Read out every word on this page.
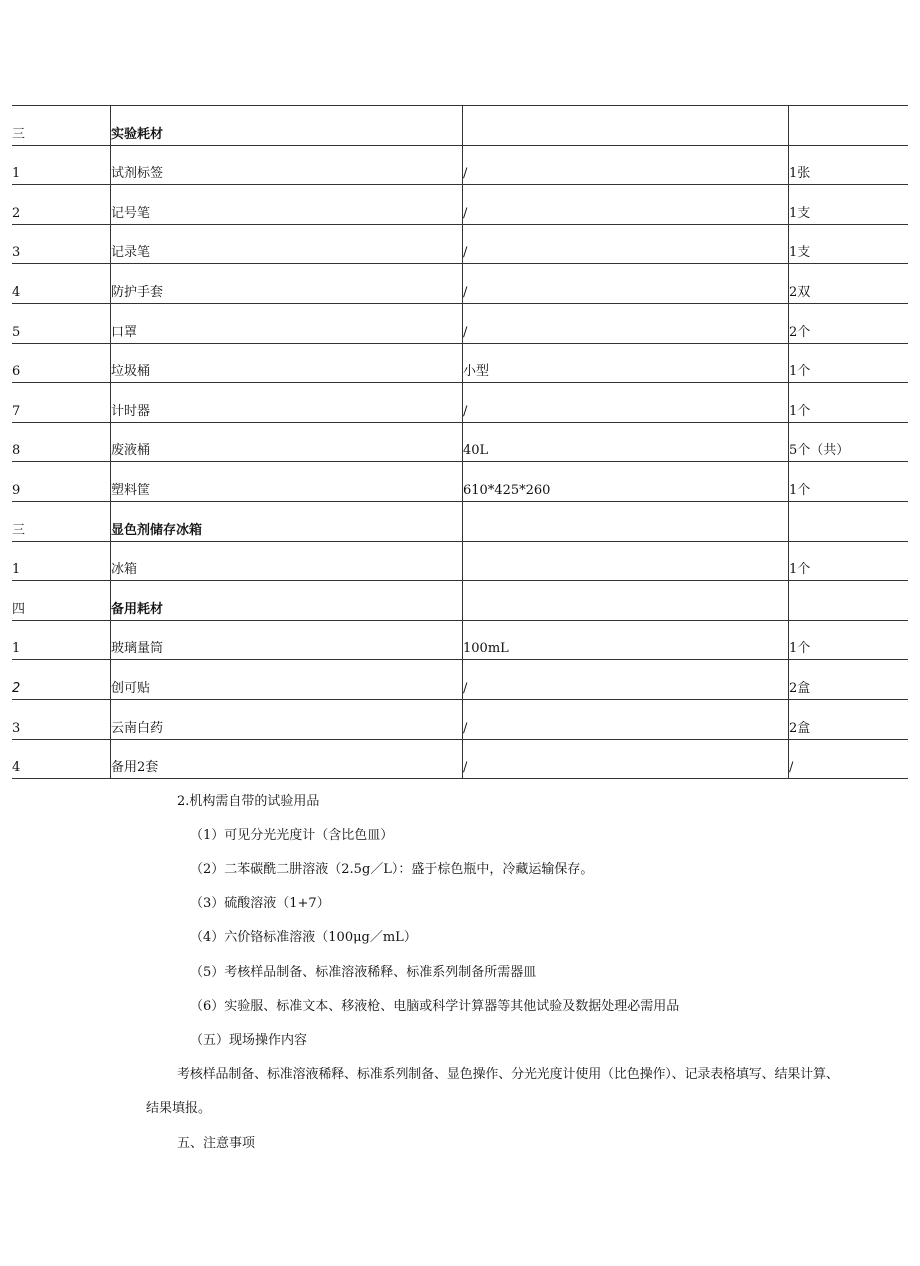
三	实验耗材		

1	试剂标签	/	1张

2	记号笔	/	1支

3	记录笔	/	1支

4	防护手套	/	2双

5	口罩	/	2个

6	垃圾桶	小型	1个

7	计时器	/	1个

8	废液桶	40L	5个（共）

9	塑料筐	610*425*260	1个

三	显色剂储存冰箱		

1	冰箱		1个

四	备用耗材		

1	玻璃量筒	100mL	1个

2	创可贴	/	2盒

3	云南白药	/	2盒

4	备用2套	/	/
2.机构需自带的试验用品
（1）可见分光光度计（含比色皿）
（2）二苯碳酰二肼溶液（2.5g／L）：盛于棕色瓶中，冷藏运输保存。
（3）硫酸溶液（1+7）
（4）六价铬标准溶液（100μg／mL）
（5）考核样品制备、标准溶液稀释、标准系列制备所需器皿
（6）实验服、标准文本、移液枪、电脑或科学计算器等其他试验及数据处理必需用品
（五）现场操作内容
考核样品制备、标准溶液稀释、标准系列制备、显色操作、分光光度计使用（比色操作）、记录表格填写、结果计算、
结果填报。
五、注意事项
